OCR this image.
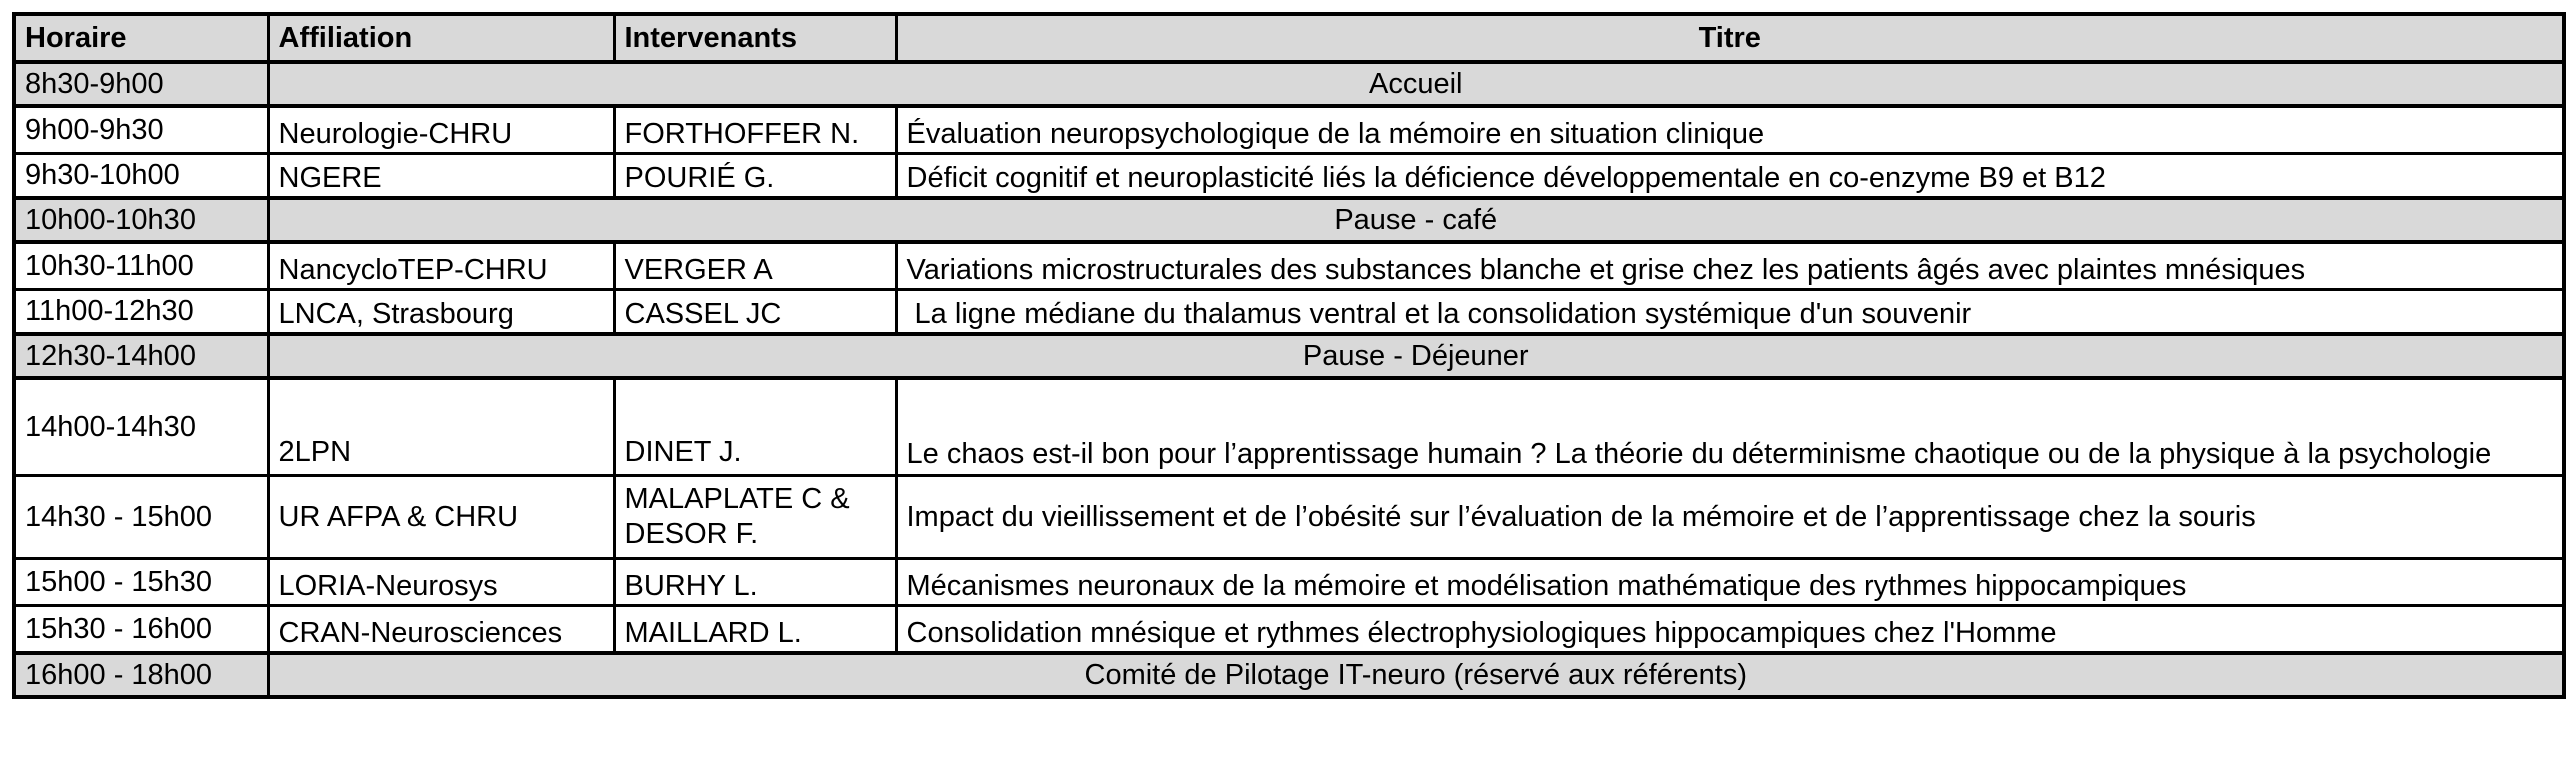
Horaire	Affiliation	Intervenants	Titre
8h30-9h00	Accueil		
9h00-9h30	Neurologie-CHRU	FORTHOFFER N.	Évaluation neuropsychologique de la mémoire en situation clinique
9h30-10h00	NGERE	POURIÉ G.	Déficit cognitif et neuroplasticité liés la déficience développementale en co-enzyme B9 et B12
10h00-10h30	Pause - café		
10h30-11h00	NancycloTEP-CHRU	VERGER A	Variations microstructurales des substances blanche et grise chez les patients âgés avec plaintes mnésiques
11h00-12h30	LNCA, Strasbourg	CASSEL JC	La ligne médiane du thalamus ventral et la consolidation systémique d'un souvenir
12h30-14h00	Pause - Déjeuner		
14h00-14h30	2LPN	DINET J.	Le chaos est-il bon pour l’apprentissage humain ? La théorie du déterminisme chaotique ou de la physique à la psychologie
14h30 - 15h00	UR AFPA & CHRU	MALAPLATE C & DESOR F.	Impact du vieillissement et de l’obésité sur l’évaluation de la mémoire et de l’apprentissage chez la souris
15h00 - 15h30	LORIA-Neurosys	BURHY L.	Mécanismes neuronaux de la mémoire et modélisation mathématique des rythmes hippocampiques
15h30 - 16h00	CRAN-Neurosciences	MAILLARD L.	Consolidation mnésique et rythmes électrophysiologiques hippocampiques chez l'Homme
16h00 - 18h00	Comité de Pilotage IT-neuro (réservé aux référents)		
